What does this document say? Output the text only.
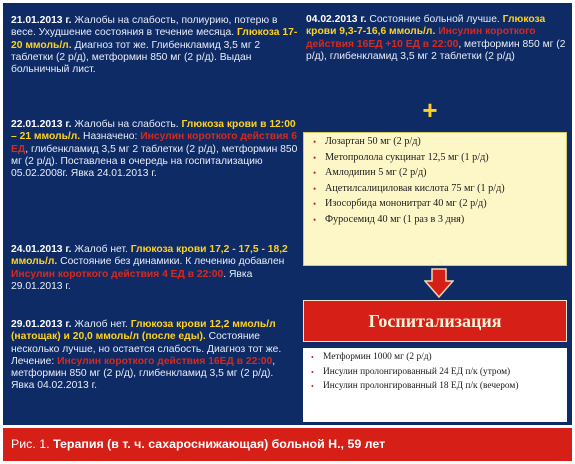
21.01.2013 г. Жалобы на слабость, полиурию, потерю в весе. Ухудшение состояния в течение месяца. Глюкоза 17-20 ммоль/л. Диагноз тот же. Глибенкламид 3,5 мг 2 таблетки (2 р/д), метформин 850 мг (2 р/д). Выдан больничный лист.
22.01.2013 г. Жалобы на слабость. Глюкоза крови в 12:00 – 21 ммоль/л. Назначено: Инсулин короткого действия 6 ЕД, глибенкламид 3,5 мг 2 таблетки (2 р/д), метформин 850 мг (2 р/д). Поставлена в очередь на госпитализацию 05.02.2008г. Явка 24.01.2013 г.
24.01.2013 г. Жалоб нет. Глюкоза крови 17,2 - 17,5 - 18,2 ммоль/л. Состояние без динамики. К лечению добавлен Инсулин короткого действия 4 ЕД в 22:00. Явка 29.01.2013 г.
29.01.2013 г. Жалоб нет. Глюкоза крови 12,2 ммоль/л (натощак) и 20,0 ммоль/л (после еды). Состояние несколько лучше, но остается слабость. Диагноз тот же. Лечение: Инсулин короткого действия 16ЕД в 22:00, метформин 850 мг (2 р/д), глибенкламид 3,5 мг (2 р/д). Явка 04.02.2013 г.
04.02.2013 г. Состояние больной лучше. Глюкоза крови 9,3-7-16,6 ммоль/л. Инсулин короткого действия 16ЕД +10 ЕД в 22:00, метформин 850 мг (2 р/д), глибенкламид 3,5 мг 2 таблетки (2 р/д)
+
• Лозартан 50 мг (2 р/д)
• Метопролола сукцинат 12,5 мг (1 р/д)
• Амлодипин 5 мг (2 р/д)
• Ацетилсалициловая кислота 75 мг (1 р/д)
• Изосорбида мононитрат 40 мг (2 р/д)
• Фуросемид 40 мг (1 раз в 3 дня)
Госпитализация
• Метформин 1000 мг (2 р/д)
• Инсулин пролонгированный 24 ЕД п/к (утром)
• Инсулин пролонгированный 18 ЕД п/к (вечером)
Рис. 1. Терапия (в т. ч. сахароснижающая) больной Н., 59 лет
